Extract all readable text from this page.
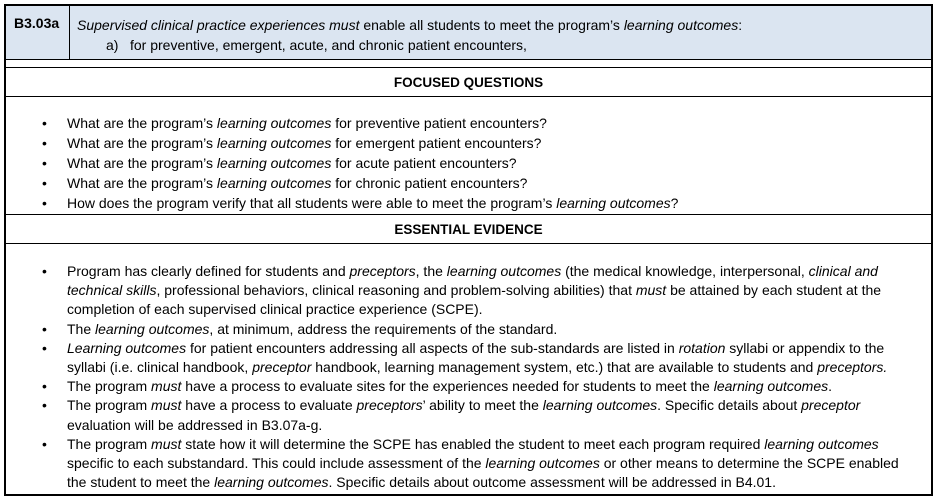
B3.03a	Supervised clinical practice experiences must enable all students to meet the program’s learning outcomes:
a) for preventive, emergent, acute, and chronic patient encounters,
FOCUSED QUESTIONS
• What are the program’s learning outcomes for preventive patient encounters?
• What are the program’s learning outcomes for emergent patient encounters?
• What are the program’s learning outcomes for acute patient encounters?
• What are the program’s learning outcomes for chronic patient encounters?
• How does the program verify that all students were able to meet the program’s learning outcomes?
ESSENTIAL EVIDENCE
• Program has clearly defined for students and preceptors, the learning outcomes (the medical knowledge, interpersonal, clinical and technical skills, professional behaviors, clinical reasoning and problem-solving abilities) that must be attained by each student at the completion of each supervised clinical practice experience (SCPE).
• The learning outcomes, at minimum, address the requirements of the standard.
• Learning outcomes for patient encounters addressing all aspects of the sub-standards are listed in rotation syllabi or appendix to the syllabi (i.e. clinical handbook, preceptor handbook, learning management system, etc.) that are available to students and preceptors.
• The program must have a process to evaluate sites for the experiences needed for students to meet the learning outcomes.
• The program must have a process to evaluate preceptors’ ability to meet the learning outcomes. Specific details about preceptor evaluation will be addressed in B3.07a-g.
• The program must state how it will determine the SCPE has enabled the student to meet each program required learning outcomes specific to each substandard. This could include assessment of the learning outcomes or other means to determine the SCPE enabled the student to meet the learning outcomes. Specific details about outcome assessment will be addressed in B4.01.
